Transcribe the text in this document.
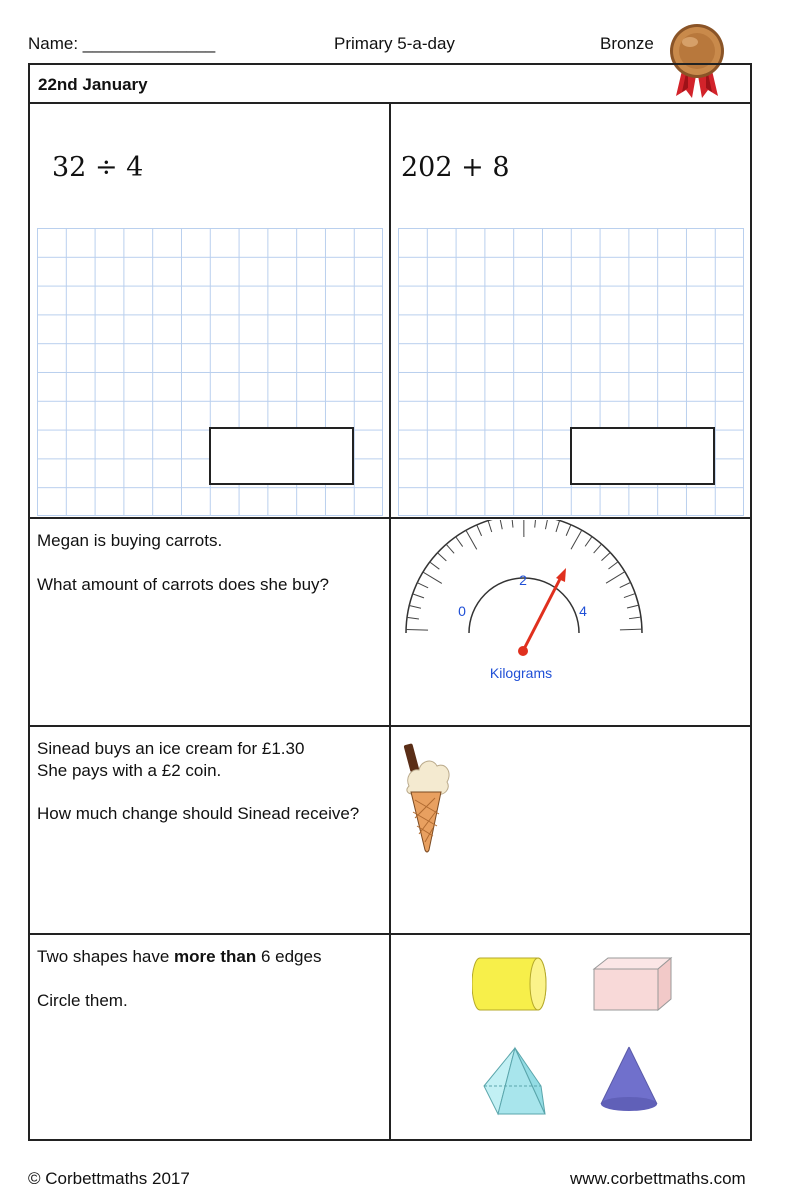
Name: ______________	Primary 5-a-day	Bronze
22nd January
32 ÷ 4	202 + 8
Megan is buying carrots.
What amount of carrots does she buy?
0
2
4
Kilograms
Sinead buys an ice cream for £1.30
She pays with a £2 coin.
How much change should Sinead receive?
Two shapes have more than 6 edges
Circle them.
© Corbettmaths 2017	www.corbettmaths.com
